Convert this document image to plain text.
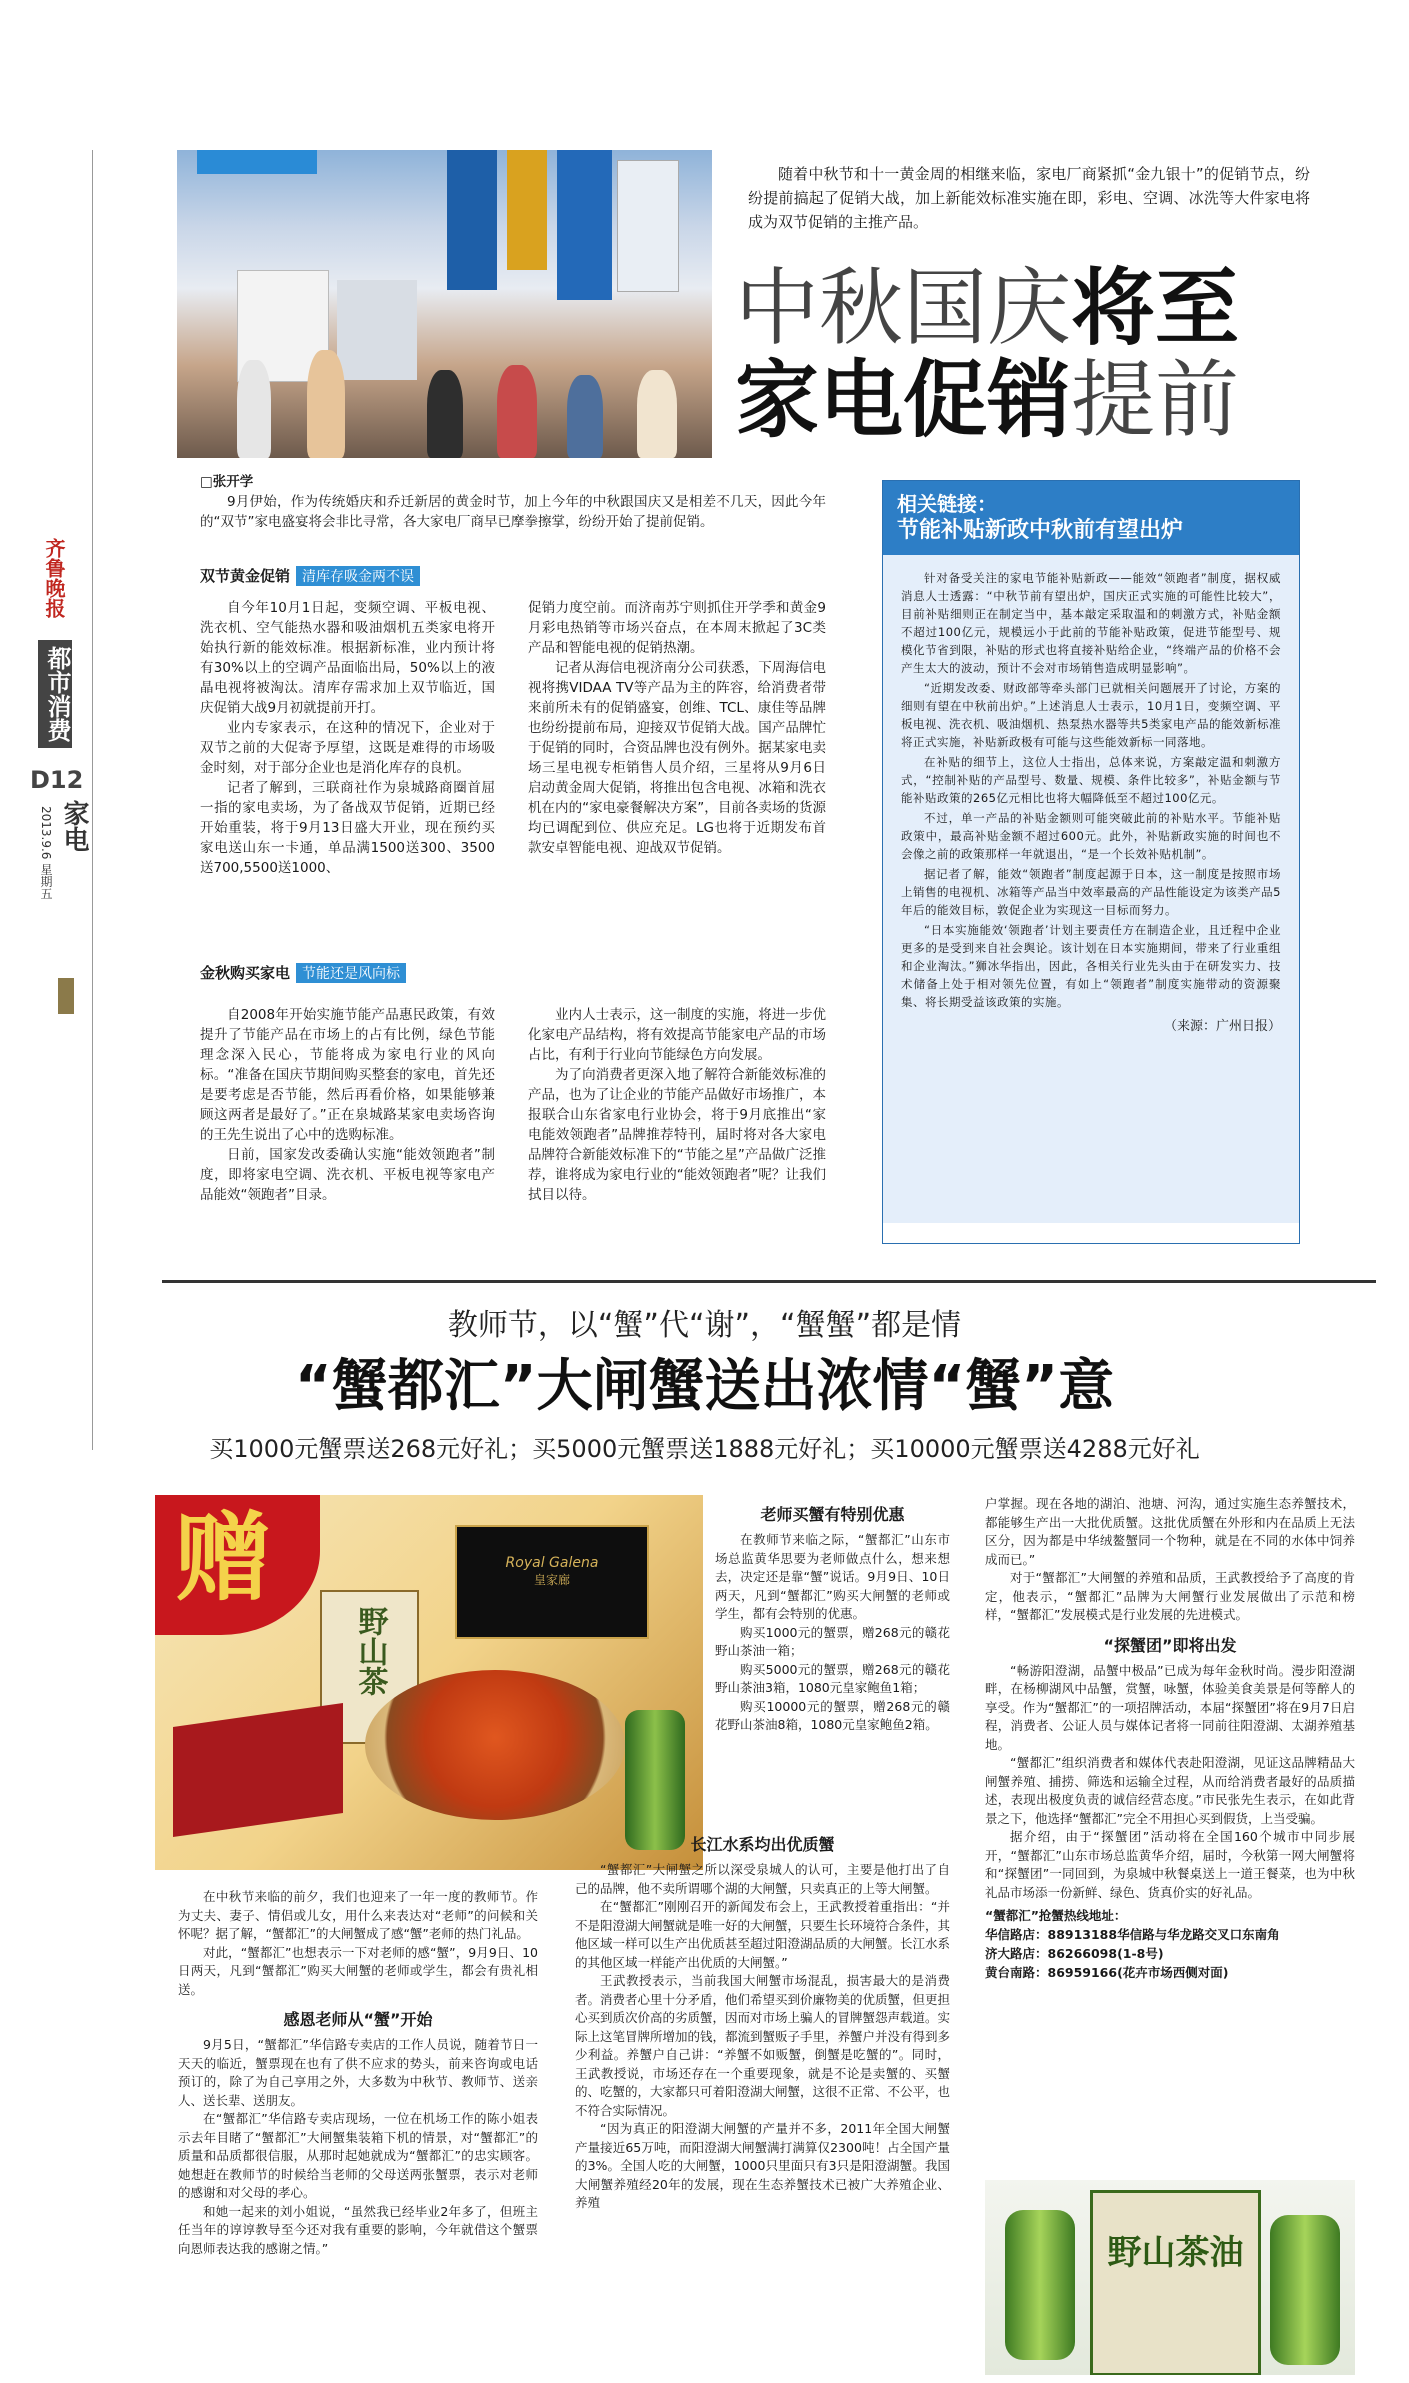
齐鲁晚报
都市消费
D12
2013.9.6 星期五 家电
随着中秋节和十一黄金周的相继来临，家电厂商紧抓“金九银十”的促销节点，纷纷提前搞起了促销大战，加上新能效标准实施在即，彩电、空调、冰洗等大件家电将成为双节促销的主推产品。
中秋国庆将至
家电促销提前
□张开学
9月伊始，作为传统婚庆和乔迁新居的黄金时节，加上今年的中秋跟国庆又是相差不几天，因此今年的“双节”家电盛宴将会非比寻常，各大家电厂商早已摩拳擦掌，纷纷开始了提前促销。
双节黄金促销 清库存吸金两不误

自今年10月1日起，变频空调、平板电视、洗衣机、空气能热水器和吸油烟机五类家电将开始执行新的能效标准。根据新标准，业内预计将有30%以上的空调产品面临出局，50%以上的液晶电视将被淘汰。清库存需求加上双节临近，国庆促销大战9月初就提前开打。

业内专家表示，在这种的情况下，企业对于双节之前的大促寄予厚望，这既是难得的市场吸金时刻，对于部分企业也是消化库存的良机。

记者了解到，三联商社作为泉城路商圈首屈一指的家电卖场，为了备战双节促销，近期已经开始重装，将于9月13日盛大开业，现在预约买家电送山东一卡通，单品满1500送300、3500送700,5500送1000、

促销力度空前。而济南苏宁则抓住开学季和黄金9月彩电热销等市场兴奋点，在本周末掀起了3C类产品和智能电视的促销热潮。

记者从海信电视济南分公司获悉，下周海信电视将携VIDAA TV等产品为主的阵容，给消费者带来前所未有的促销盛宴，创维、TCL、康佳等品牌也纷纷提前布局，迎接双节促销大战。国产品牌忙于促销的同时，合资品牌也没有例外。据某家电卖场三星电视专柜销售人员介绍，三星将从9月6日启动黄金周大促销，将推出包含电视、冰箱和洗衣机在内的“家电豪餐解决方案”，目前各卖场的货源均已调配到位、供应充足。LG也将于近期发布首款安卓智能电视、迎战双节促销。

金秋购买家电 节能还是风向标

自2008年开始实施节能产品惠民政策，有效提升了节能产品在市场上的占有比例，绿色节能理念深入民心，节能将成为家电行业的风向标。“准备在国庆节期间购买整套的家电，首先还是要考虑是否节能，然后再看价格，如果能够兼顾这两者是最好了。”正在泉城路某家电卖场咨询的王先生说出了心中的选购标准。

日前，国家发改委确认实施“能效领跑者”制度，即将家电空调、洗衣机、平板电视等家电产品能效“领跑者”目录。

业内人士表示，这一制度的实施，将进一步优化家电产品结构，将有效提高节能家电产品的市场占比，有利于行业向节能绿色方向发展。

为了向消费者更深入地了解符合新能效标准的产品，也为了让企业的节能产品做好市场推广，本报联合山东省家电行业协会，将于9月底推出“家电能效领跑者”品牌推荐特刊，届时将对各大家电品牌符合新能效标准下的“节能之星”产品做广泛推荐，谁将成为家电行业的“能效领跑者”呢？让我们拭目以待。

相关链接：
节能补贴新政中秋前有望出炉

针对备受关注的家电节能补贴新政——能效“领跑者”制度，据权威消息人士透露：“中秋节前有望出炉，国庆正式实施的可能性比较大”，目前补贴细则正在制定当中，基本敲定采取温和的刺激方式，补贴金额不超过100亿元，规模远小于此前的节能补贴政策，促进节能型号、规模化节省到限，补贴的形式也将直接补贴给企业，“终端产品的价格不会产生太大的波动，预计不会对市场销售造成明显影响”。

“近期发改委、财政部等牵头部门已就相关问题展开了讨论，方案的细则有望在中秋前出炉。”上述消息人士表示，10月1日，变频空调、平板电视、洗衣机、吸油烟机、热泵热水器等共5类家电产品的能效新标准将正式实施，补贴新政极有可能与这些能效新标一同落地。

在补贴的细节上，这位人士指出，总体来说，方案敲定温和刺激方式，“控制补贴的产品型号、数量、规模、条件比较多”，补贴金额与节能补贴政策的265亿元相比也将大幅降低至不超过100亿元。

不过，单一产品的补贴金额则可能突破此前的补贴水平。节能补贴政策中，最高补贴金额不超过600元。此外，补贴新政实施的时间也不会像之前的政策那样一年就退出，“是一个长效补贴机制”。

据记者了解，能效“领跑者”制度起源于日本，这一制度是按照市场上销售的电视机、冰箱等产品当中效率最高的产品性能设定为该类产品5年后的能效目标，敦促企业为实现这一目标而努力。

“日本实施能效‘领跑者’计划主要责任方在制造企业，且迁程中企业更多的是受到来自社会舆论。该计划在日本实施期间，带来了行业重组和企业淘汰。”狮冰华指出，因此，各相关行业先头由于在研发实力、技术储备上处于相对领先位置，有如上“领跑者”制度实施带动的资源聚集、将长期受益该政策的实施。

（来源：广州日报）
教师节，以“蟹”代“谢”，“蟹蟹”都是情
“蟹都汇”大闸蟹送出浓情“蟹”意
买1000元蟹票送268元好礼；买5000元蟹票送1888元好礼；买10000元蟹票送4288元好礼
赠	Royal Galena
皇家廊
野山茶

在中秋节来临的前夕，我们也迎来了一年一度的教师节。作为丈夫、妻子、情侣或儿女，用什么来表达对“老师”的问候和关怀呢？据了解，“蟹都汇”的大闸蟹成了感“蟹”老师的热门礼品。

对此，“蟹都汇”也想表示一下对老师的感“蟹”，9月9日、10日两天，凡到“蟹都汇”购买大闸蟹的老师或学生，都会有贵礼相送。

感恩老师从“蟹”开始

9月5日，“蟹都汇”华信路专卖店的工作人员说，随着节日一天天的临近，蟹票现在也有了供不应求的势头，前来咨询或电话预订的，除了为自己享用之外，大多数为中秋节、教师节、送亲人、送长辈、送朋友。

在“蟹都汇”华信路专卖店现场，一位在机场工作的陈小姐表示去年目睹了“蟹都汇”大闸蟹集装箱下机的情景，对“蟹都汇”的质量和品质都很信服，从那时起她就成为“蟹都汇”的忠实顾客。她想赶在教师节的时候给当老师的父母送两张蟹票，表示对老师的感谢和对父母的孝心。

和她一起来的刘小姐说，“虽然我已经毕业2年多了，但班主任当年的谆谆教导至今还对我有重要的影响，今年就借这个蟹票向恩师表达我的感谢之情。”

老师买蟹有特别优惠

在教师节来临之际，“蟹都汇”山东市场总监黄华思要为老师做点什么，想来想去，决定还是靠“蟹”说话。9月9日、10日两天，凡到“蟹都汇”购买大闸蟹的老师或学生，都有会特别的优惠。

购买1000元的蟹票，赠268元的赣花野山茶油一箱；

购买5000元的蟹票，赠268元的赣花野山茶油3箱，1080元皇家鲍鱼1箱；

购买10000元的蟹票，赠268元的赣花野山茶油8箱，1080元皇家鲍鱼2箱。

长江水系均出优质蟹

“蟹都汇”大闸蟹之所以深受泉城人的认可，主要是他打出了自己的品牌，他不卖所谓哪个湖的大闸蟹，只卖真正的上等大闸蟹。

在“蟹都汇”刚刚召开的新闻发布会上，王武教授着重指出：“并不是阳澄湖大闸蟹就是唯一好的大闸蟹，只要生长环境符合条件，其他区域一样可以生产出优质甚至超过阳澄湖品质的大闸蟹。长江水系的其他区域一样能产出优质的大闸蟹。”

王武教授表示，当前我国大闸蟹市场混乱，损害最大的是消费者。消费者心里十分矛盾，他们希望买到价廉物美的优质蟹，但更担心买到质次价高的劣质蟹，因而对市场上骗人的冒牌蟹怨声载道。实际上这笔冒牌所增加的钱，都流到蟹贩子手里，养蟹户并没有得到多少利益。养蟹户自己讲：“养蟹不如贩蟹，倒蟹是吃蟹的”。同时，王武教授说，市场还存在一个重要现象，就是不论是卖蟹的、买蟹的、吃蟹的，大家都只可着阳澄湖大闸蟹，这很不正常、不公平，也不符合实际情况。

“因为真正的阳澄湖大闸蟹的产量并不多，2011年全国大闸蟹产量接近65万吨，而阳澄湖大闸蟹满打满算仅2300吨！占全国产量的3%。全国人吃的大闸蟹，1000只里面只有3只是阳澄湖蟹。我国大闸蟹养殖经20年的发展，现在生态养蟹技术已被广大养殖企业、养殖

户掌握。现在各地的湖泊、池塘、河沟，通过实施生态养蟹技术，都能够生产出一大批优质蟹。这批优质蟹在外形和内在品质上无法区分，因为都是中华绒鳌蟹同一个物种，就是在不同的水体中饲养成而已。”

对于“蟹都汇”大闸蟹的养殖和品质，王武教授给予了高度的肯定，他表示，“蟹都汇”品牌为大闸蟹行业发展做出了示范和榜样，“蟹都汇”发展模式是行业发展的先进模式。

“探蟹团”即将出发

“畅游阳澄湖，品蟹中极品”已成为每年金秋时尚。漫步阳澄湖畔，在杨柳湖风中品蟹，赏蟹，咏蟹，体验美食美景是何等醉人的享受。作为“蟹都汇”的一项招牌活动，本届“探蟹团”将在9月7日启程，消费者、公证人员与媒体记者将一同前往阳澄湖、太湖养殖基地。

“蟹都汇”组织消费者和媒体代表赴阳澄湖，见证这品牌精品大闸蟹养殖、捕捞、筛选和运输全过程，从而给消费者最好的品质描述，表现出极度负责的诚信经营态度。”市民张先生表示，在如此背景之下，他选择“蟹都汇”完全不用担心买到假货，上当受骗。

据介绍，由于“探蟹团”活动将在全国160个城市中同步展开，“蟹都汇”山东市场总监黄华介绍，届时，今秋第一网大闸蟹将和“探蟹团”一同回到，为泉城中秋餐桌送上一道王餐菜，也为中秋礼品市场添一份新鲜、绿色、货真价实的好礼品。

“蟹都汇”抢蟹热线地址：
华信路店：88913188华信路与华龙路交叉口东南角
济大路店：86266098(1-8号)
黄台南路：86959166(花卉市场西侧对面)
野山茶油
